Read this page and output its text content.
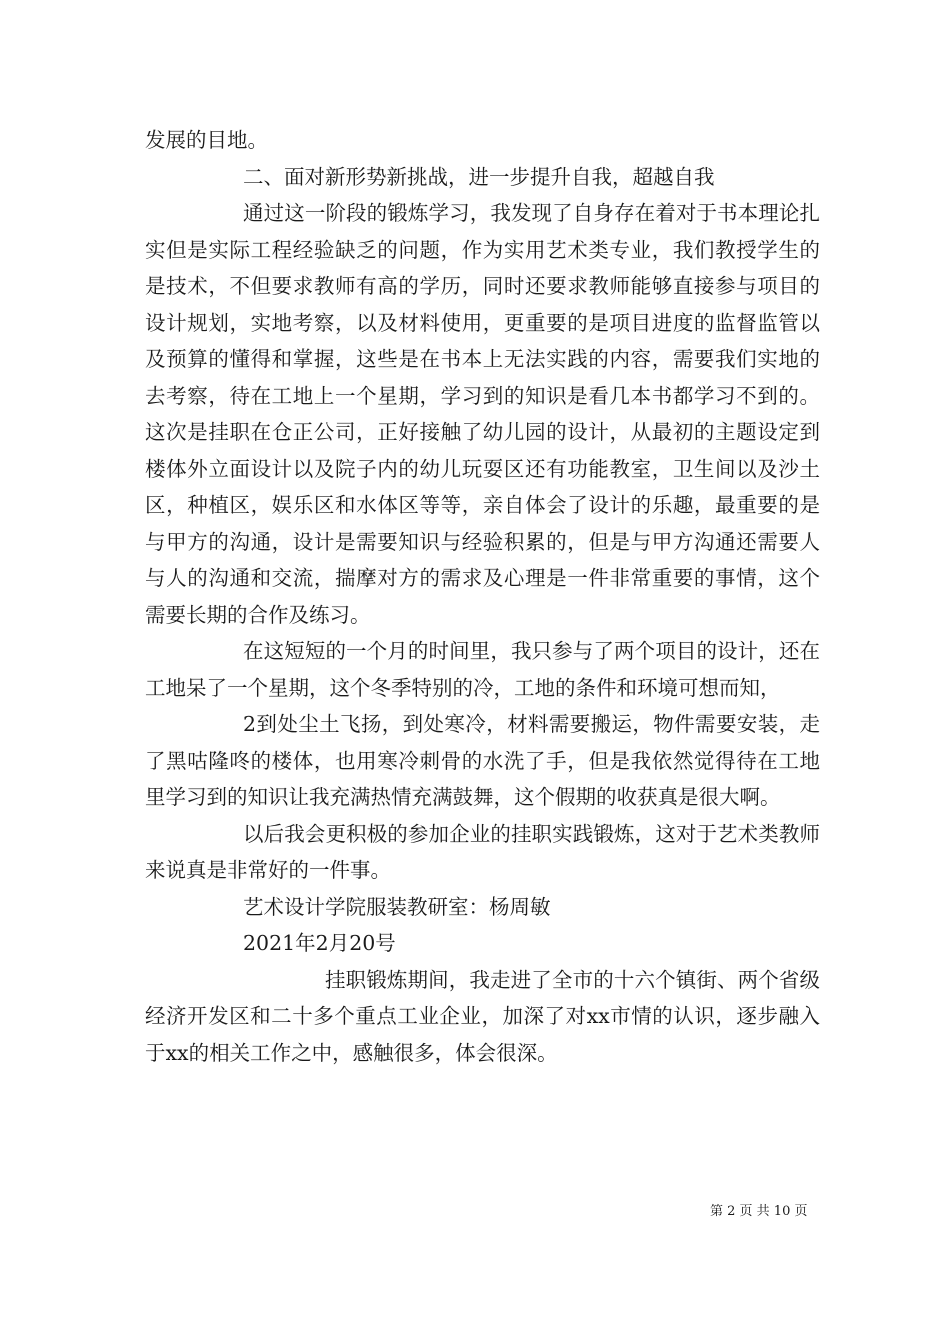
发展的目地。

二、面对新形势新挑战，进一步提升自我，超越自我

通过这一阶段的锻炼学习，我发现了自身存在着对于书本理论扎实但是实际工程经验缺乏的问题，作为实用艺术类专业，我们教授学生的是技术，不但要求教师有高的学历，同时还要求教师能够直接参与项目的设计规划，实地考察，以及材料使用，更重要的是项目进度的监督监管以及预算的懂得和掌握，这些是在书本上无法实践的内容，需要我们实地的去考察，待在工地上一个星期，学习到的知识是看几本书都学习不到的。这次是挂职在仓正公司，正好接触了幼儿园的设计，从最初的主题设定到楼体外立面设计以及院子内的幼儿玩耍区还有功能教室，卫生间以及沙土区，种植区，娱乐区和水体区等等，亲自体会了设计的乐趣，最重要的是与甲方的沟通，设计是需要知识与经验积累的，但是与甲方沟通还需要人与人的沟通和交流，揣摩对方的需求及心理是一件非常重要的事情，这个需要长期的合作及练习。

在这短短的一个月的时间里，我只参与了两个项目的设计，还在工地呆了一个星期，这个冬季特别的冷，工地的条件和环境可想而知，

2到处尘土飞扬，到处寒冷，材料需要搬运，物件需要安装，走了黑咕隆咚的楼体，也用寒冷刺骨的水洗了手，但是我依然觉得待在工地里学习到的知识让我充满热情充满鼓舞，这个假期的收获真是很大啊。

以后我会更积极的参加企业的挂职实践锻炼，这对于艺术类教师来说真是非常好的一件事。

艺术设计学院服装教研室：杨周敏

2021年2月20号

挂职锻炼期间，我走进了全市的十六个镇街、两个省级经济开发区和二十多个重点工业企业，加深了对xx市情的认识，逐步融入于xx的相关工作之中，感触很多，体会很深。

第 2 页 共 10 页
